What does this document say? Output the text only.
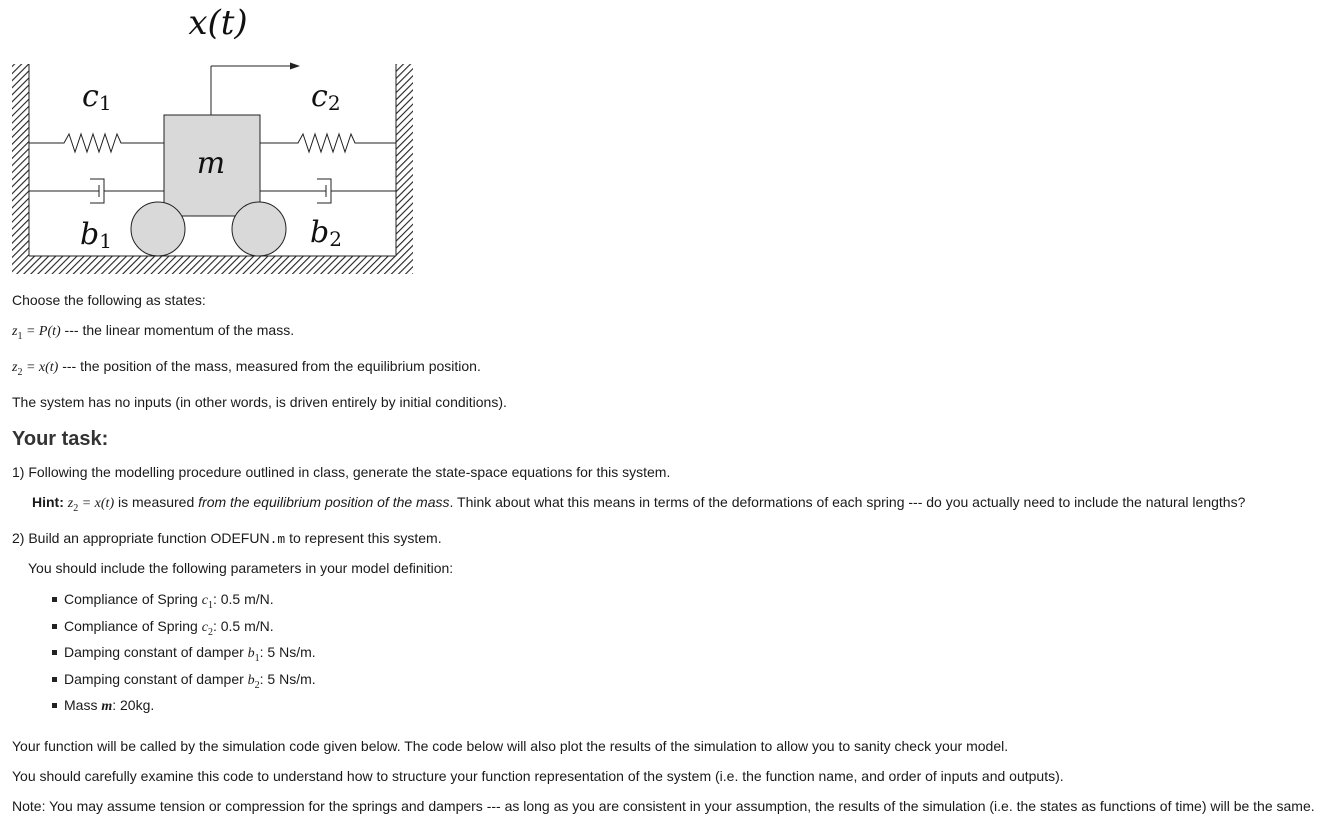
x(t)
m
c1	c2
b1	b2
Choose the following as states:
$z_1 = P(t)$ --- the linear momentum of the mass.
$z_2 = x(t)$ --- the position of the mass, measured from the equilibrium position.
The system has no inputs (in other words, is driven entirely by initial conditions).
Your task:
1) Following the modelling procedure outlined in class, generate the state-space equations for this system.
Hint: $z_2 = x(t)$ is measured from the equilibrium position of the mass. Think about what this means in terms of the deformations of each spring --- do you actually need to include the natural lengths?
2) Build an appropriate function ODEFUN.m to represent this system.
You should include the following parameters in your model definition:
Compliance of Spring $c_1$: 0.5 m/N.
Compliance of Spring $c_2$: 0.5 m/N.
Damping constant of damper $b_1$: 5 Ns/m.
Damping constant of damper $b_2$: 5 Ns/m.
Mass m: 20kg.
Your function will be called by the simulation code given below. The code below will also plot the results of the simulation to allow you to sanity check your model.
You should carefully examine this code to understand how to structure your function representation of the system (i.e. the function name, and order of inputs and outputs).
Note: You may assume tension or compression for the springs and dampers --- as long as you are consistent in your assumption, the results of the simulation (i.e. the states as functions of time) will be the same.
